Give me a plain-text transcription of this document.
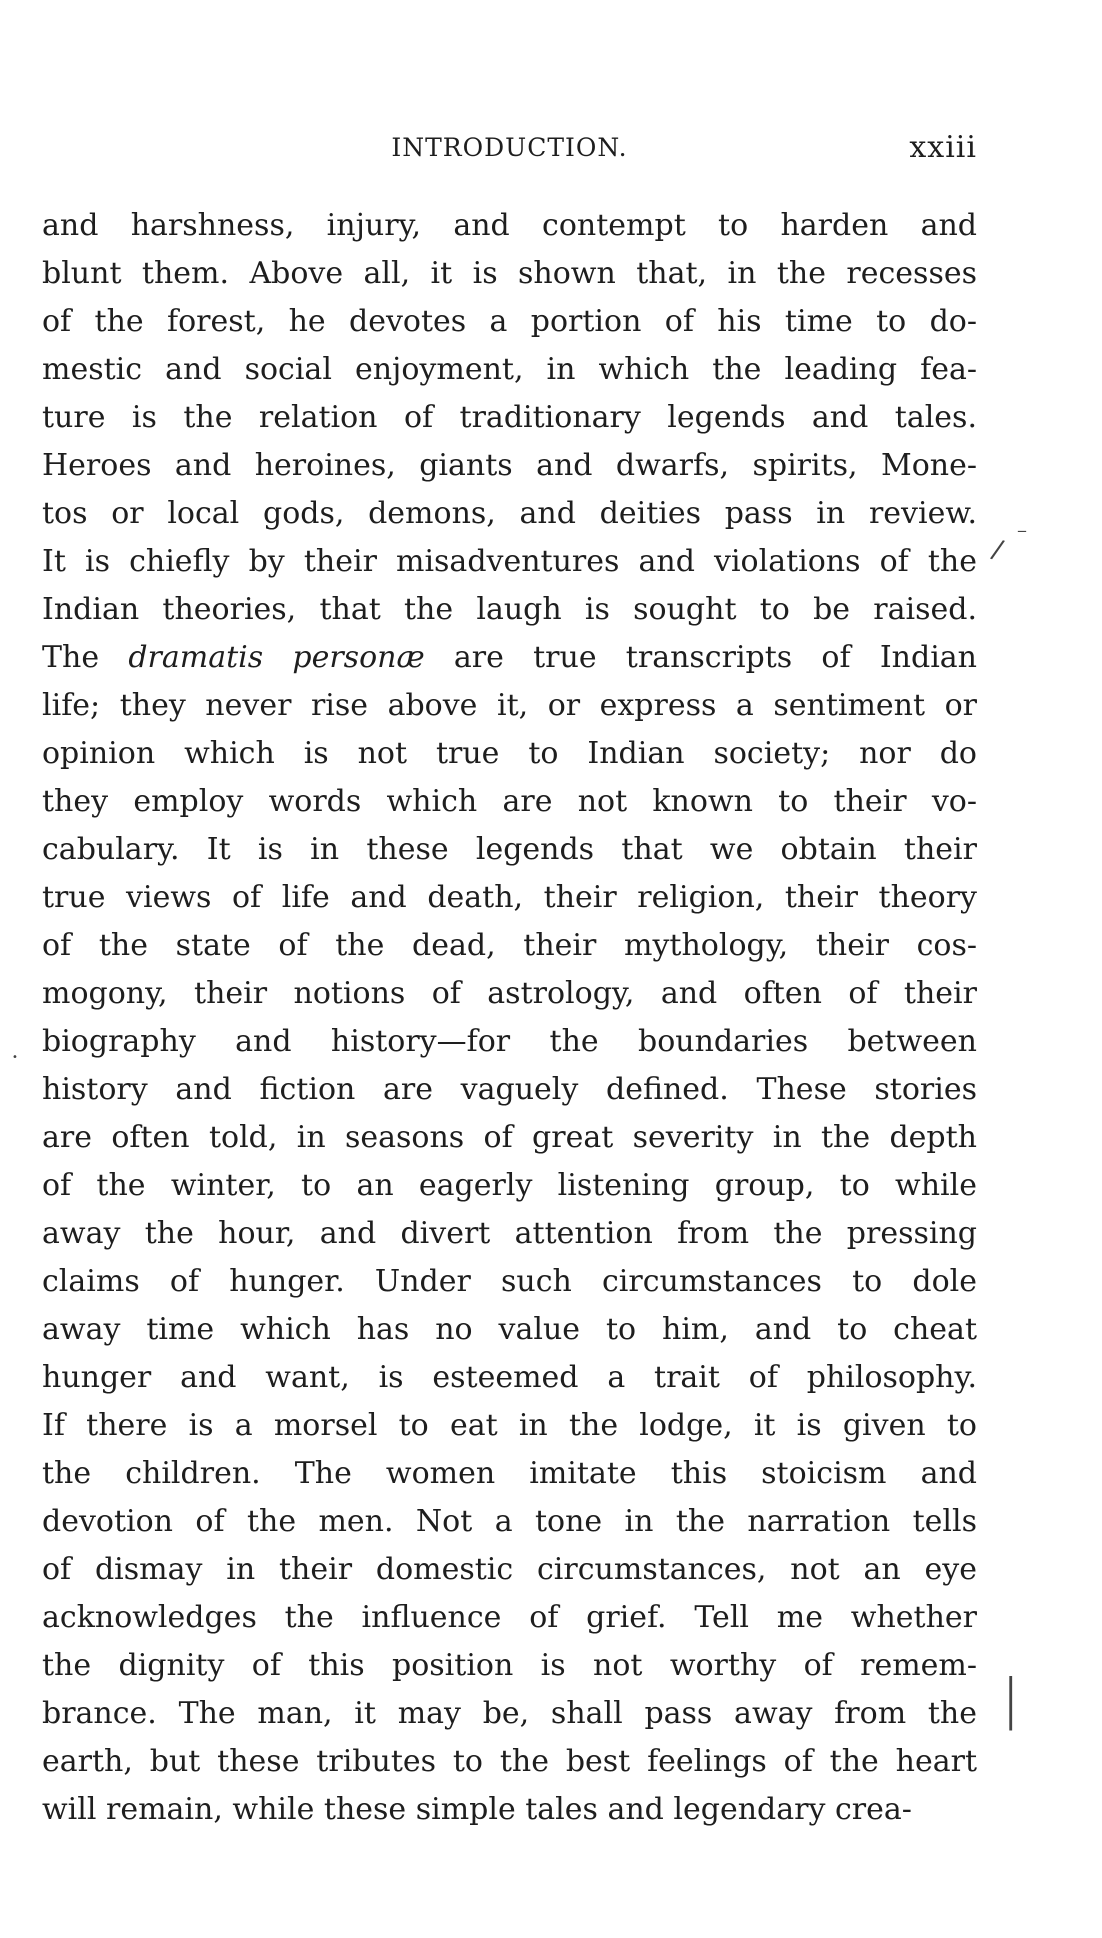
INTRODUCTION.	xxiii
and harshness, injury, and contempt to harden and
blunt them. Above all, it is shown that, in the recesses
of the forest, he devotes a portion of his time to do-
mestic and social enjoyment, in which the leading fea-
ture is the relation of traditionary legends and tales.
Heroes and heroines, giants and dwarfs, spirits, Mone-
tos or local gods, demons, and deities pass in review.
It is chiefly by their misadventures and violations of the
Indian theories, that the laugh is sought to be raised.
The dramatis personæ are true transcripts of Indian
life; they never rise above it, or express a sentiment or
opinion which is not true to Indian society; nor do
they employ words which are not known to their vo-
cabulary. It is in these legends that we obtain their
true views of life and death, their religion, their theory
of the state of the dead, their mythology, their cos-
mogony, their notions of astrology, and often of their
biography and history—for the boundaries between
history and fiction are vaguely defined. These stories
are often told, in seasons of great severity in the depth
of the winter, to an eagerly listening group, to while
away the hour, and divert attention from the pressing
claims of hunger. Under such circumstances to dole
away time which has no value to him, and to cheat
hunger and want, is esteemed a trait of philosophy.
If there is a morsel to eat in the lodge, it is given to
the children. The women imitate this stoicism and
devotion of the men. Not a tone in the narration tells
of dismay in their domestic circumstances, not an eye
acknowledges the influence of grief. Tell me whether
the dignity of this position is not worthy of remem-
brance. The man, it may be, shall pass away from the
earth, but these tributes to the best feelings of the heart
will remain, while these simple tales and legendary crea-
/ ‾
|
•
